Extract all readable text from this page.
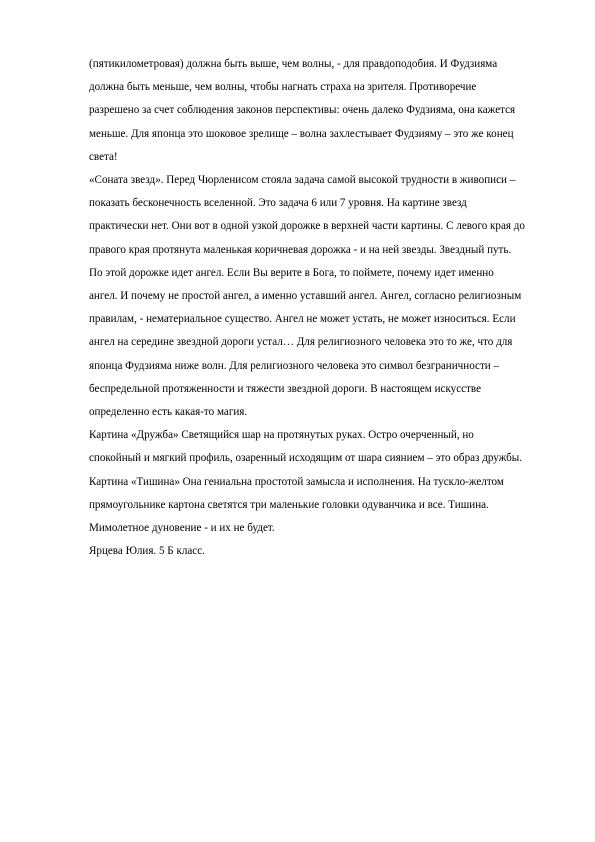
(пятикилометровая) должна быть выше, чем волны, - для правдоподобия. И Фудзияма должна быть меньше, чем волны, чтобы нагнать страха на зрителя. Противоречие разрешено за счет соблюдения законов перспективы: очень далеко Фудзияма, она кажется меньше. Для японца это шоковое зрелище – волна захлестывает Фудзияму – это же конец света!

«Соната звезд». Перед Чюрленисом стояла задача самой высокой трудности в живописи – показать бесконечность вселенной. Это задача 6 или 7 уровня. На картине звезд практически нет. Они вот в одной узкой дорожке в верхней части картины. С левого края до правого края протянута маленькая коричневая дорожка - и на ней звезды. Звездный путь. По этой дорожке идет ангел. Если Вы верите в Бога, то поймете, почему идет именно ангел. И почему не простой ангел, а именно уставший ангел. Ангел, согласно религиозным правилам, - нематериальное существо. Ангел не может устать, не может износиться. Если ангел на середине звездной дороги устал… Для религиозного человека это то же, что для японца Фудзияма ниже волн. Для религиозного человека это символ безграничности – беспредельной протяженности и тяжести звездной дороги. В настоящем искусстве определенно есть какая-то магия.

Картина «Дружба» Светящийся шар на протянутых руках. Остро очерченный, но спокойный и мягкий профиль, озаренный исходящим от шара сиянием – это образ дружбы.

Картина «Тишина» Она гениальна простотой замысла и исполнения. На тускло-желтом прямоугольнике картона светятся три маленькие головки одуванчика и все. Тишина. Мимолетное дуновение - и их не будет.

Ярцева Юлия. 5 Б класс.
